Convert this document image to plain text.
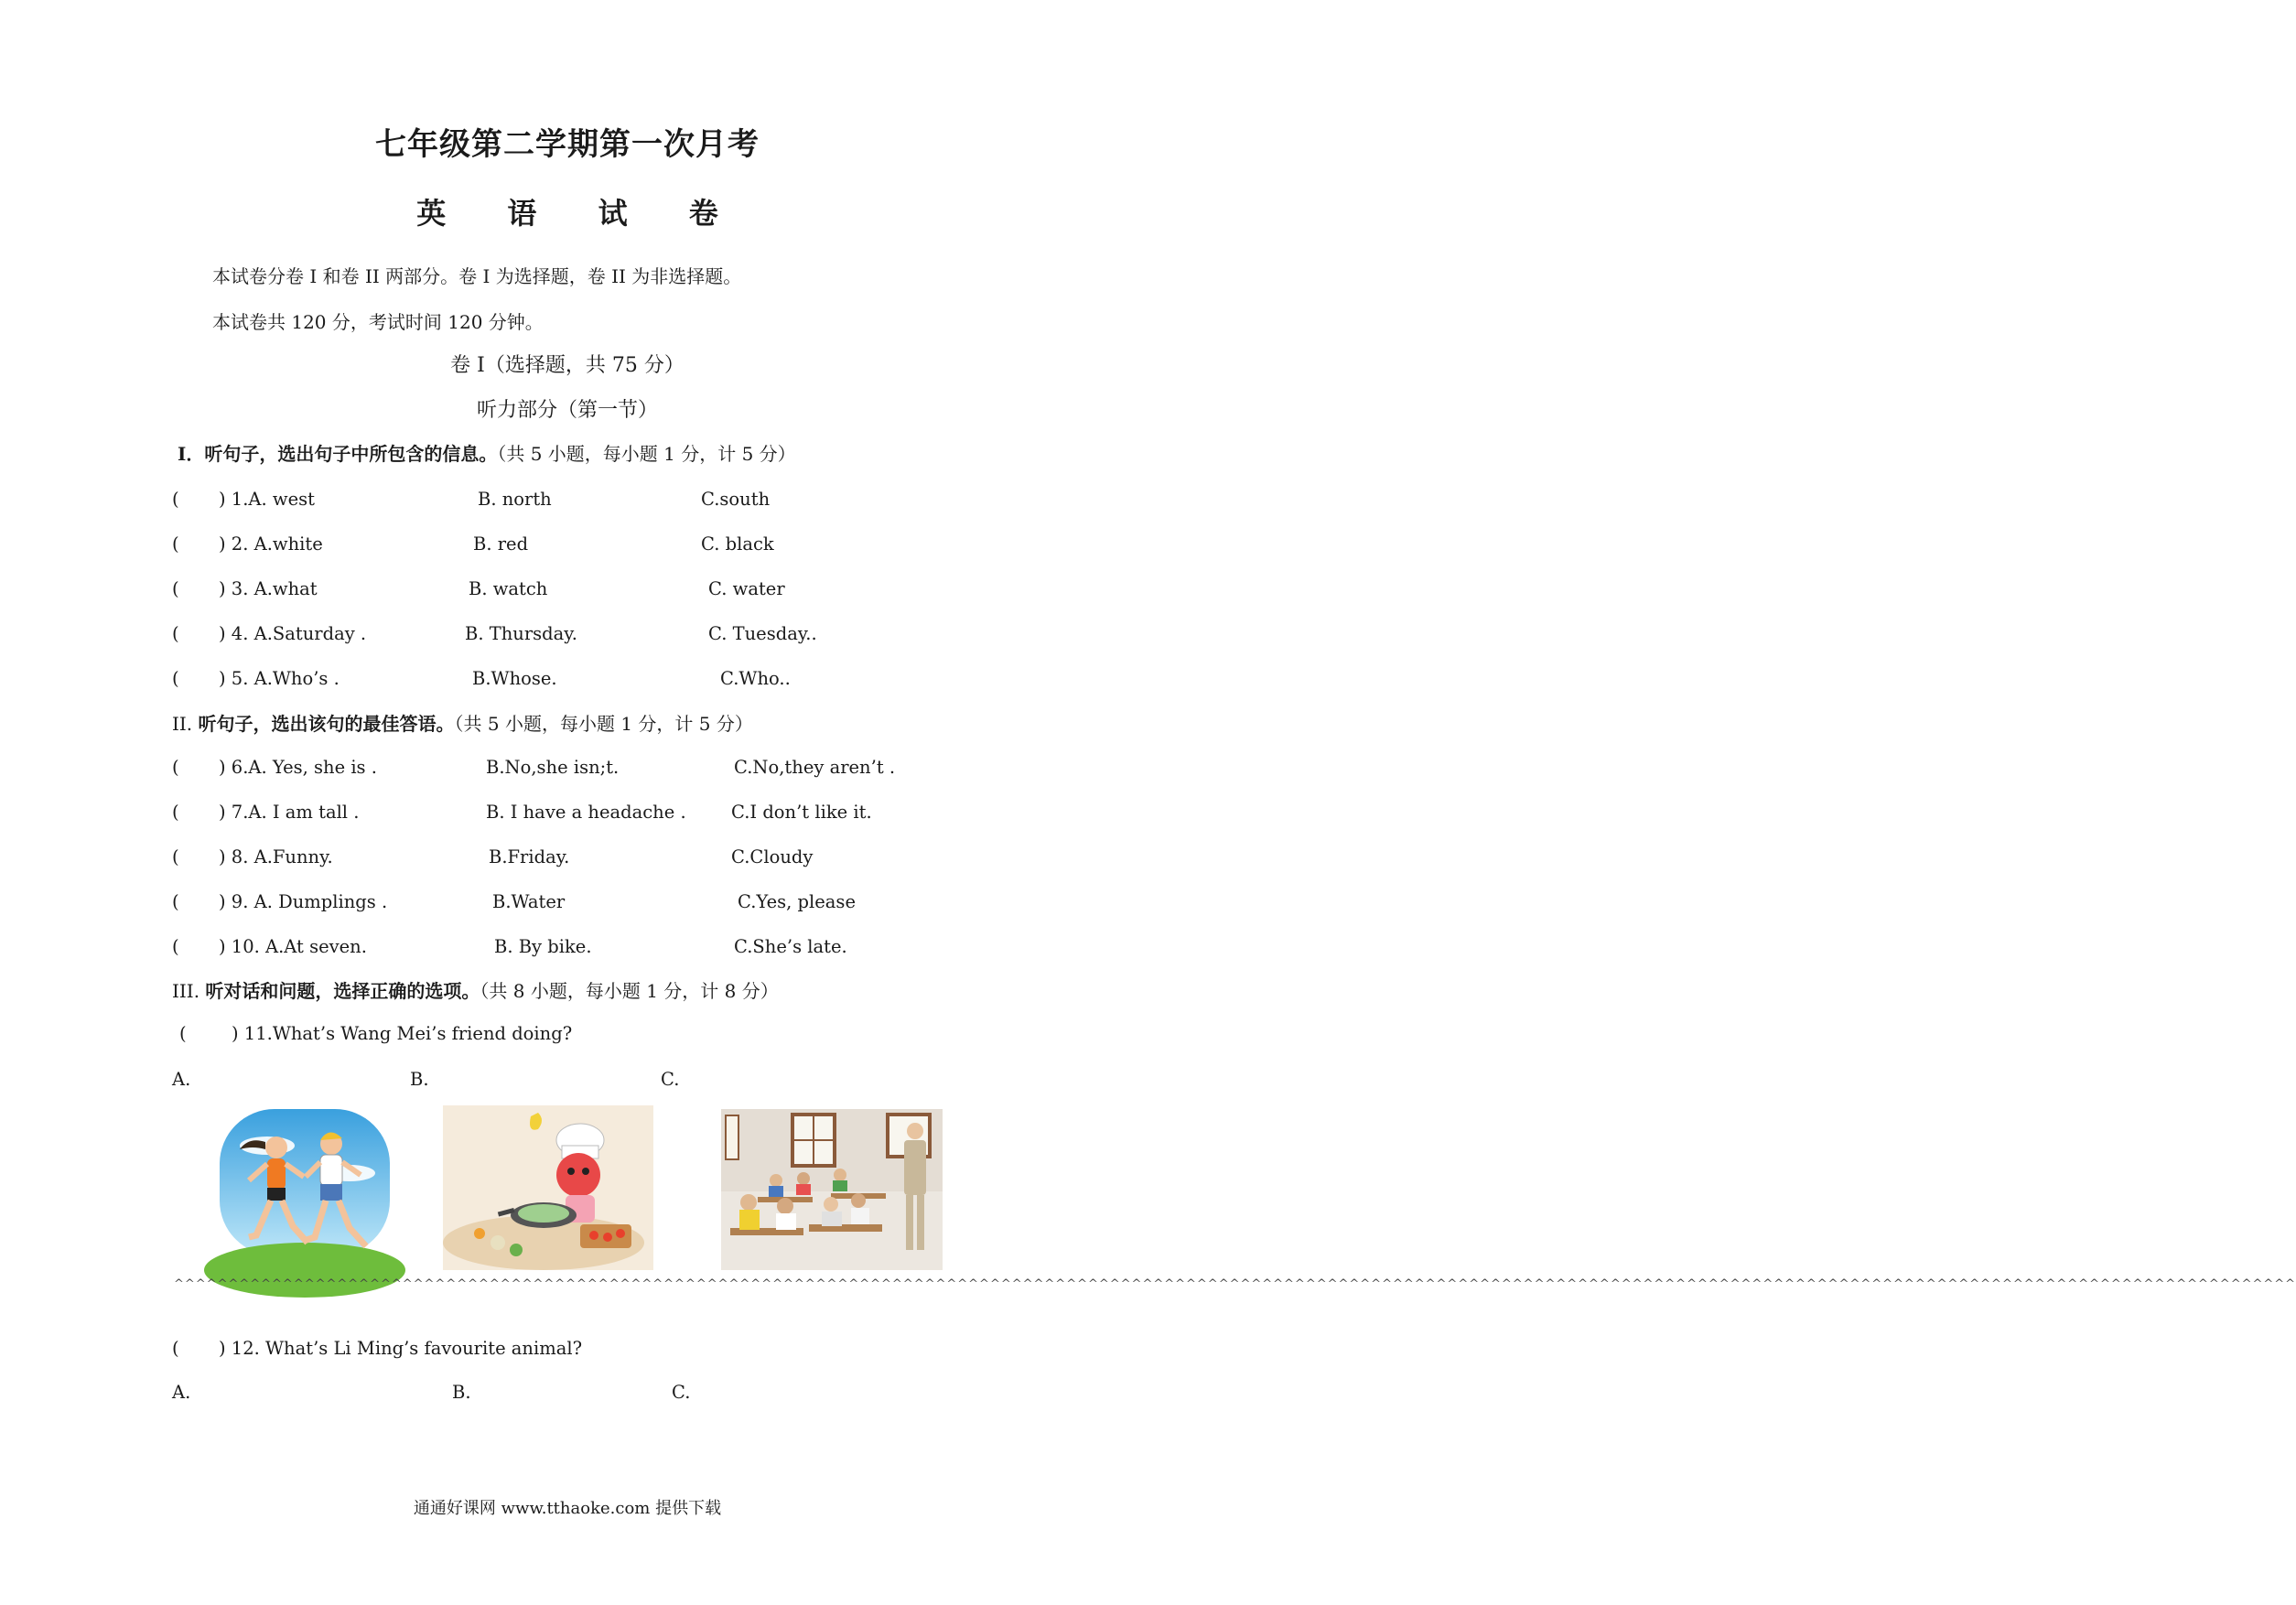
七年级第二学期第一次月考
英 语 试 卷
本试卷分卷 I 和卷 II 两部分。卷 I 为选择题，卷 II 为非选择题。
本试卷共 120 分，考试时间 120 分钟。
卷 I（选择题，共 75 分）
听力部分（第一节）
I．听句子，选出句子中所包含的信息。（共 5 小题，每小题 1 分，计 5 分）
( ) 1.A. west	B. north	C.south
( ) 2. A.white	B. red	C. black
( ) 3. A.what	B. watch	C. water
( ) 4. A.Saturday .	B. Thursday.	C. Tuesday..
( ) 5. A.Who’s .	B.Whose.	C.Who..
( ) 6.A. Yes, she is .	B.No,she isn;t.	C.No,they aren’t .
( ) 7.A. I am tall .	B. I have a headache .	C.I don’t like it.
( ) 8. A.Funny.	B.Friday.	C.Cloudy
( ) 9. A. Dumplings .	B.Water	C.Yes, please
( ) 10. A.At seven.	B. By bike.	C.She’s late.
II. 听句子，选出该句的最佳答语。（共 5 小题，每小题 1 分，计 5 分）
III. 听对话和问题，选择正确的选项。（共 8 小题，每小题 1 分，计 8 分）
(	) 11.What’s Wang Mei’s friend doing?
A.	B.	C.
^^^^^^^^^^^^^^^^^^^^^^^^^^^^^^^^^^^^^^^^^^^^^^^^^^^^^^^^^^^^^^^^^^^^^^^^^^^^^^^^^^^^^^^^^^^^^^^^^^^^^^^^^^^^^^^^^^^^^^^^^^^^^^^^^^^^^^^^^^^^^^^^^^^^^^^^^^^^^^^^^^^^^^^^^^^^^^^^^^^^^^^^^^^^^^^^^^^
( ) 12. What’s Li Ming’s favourite animal?
A.	B.	C.
通通好课网 www.tthaoke.com 提供下载
